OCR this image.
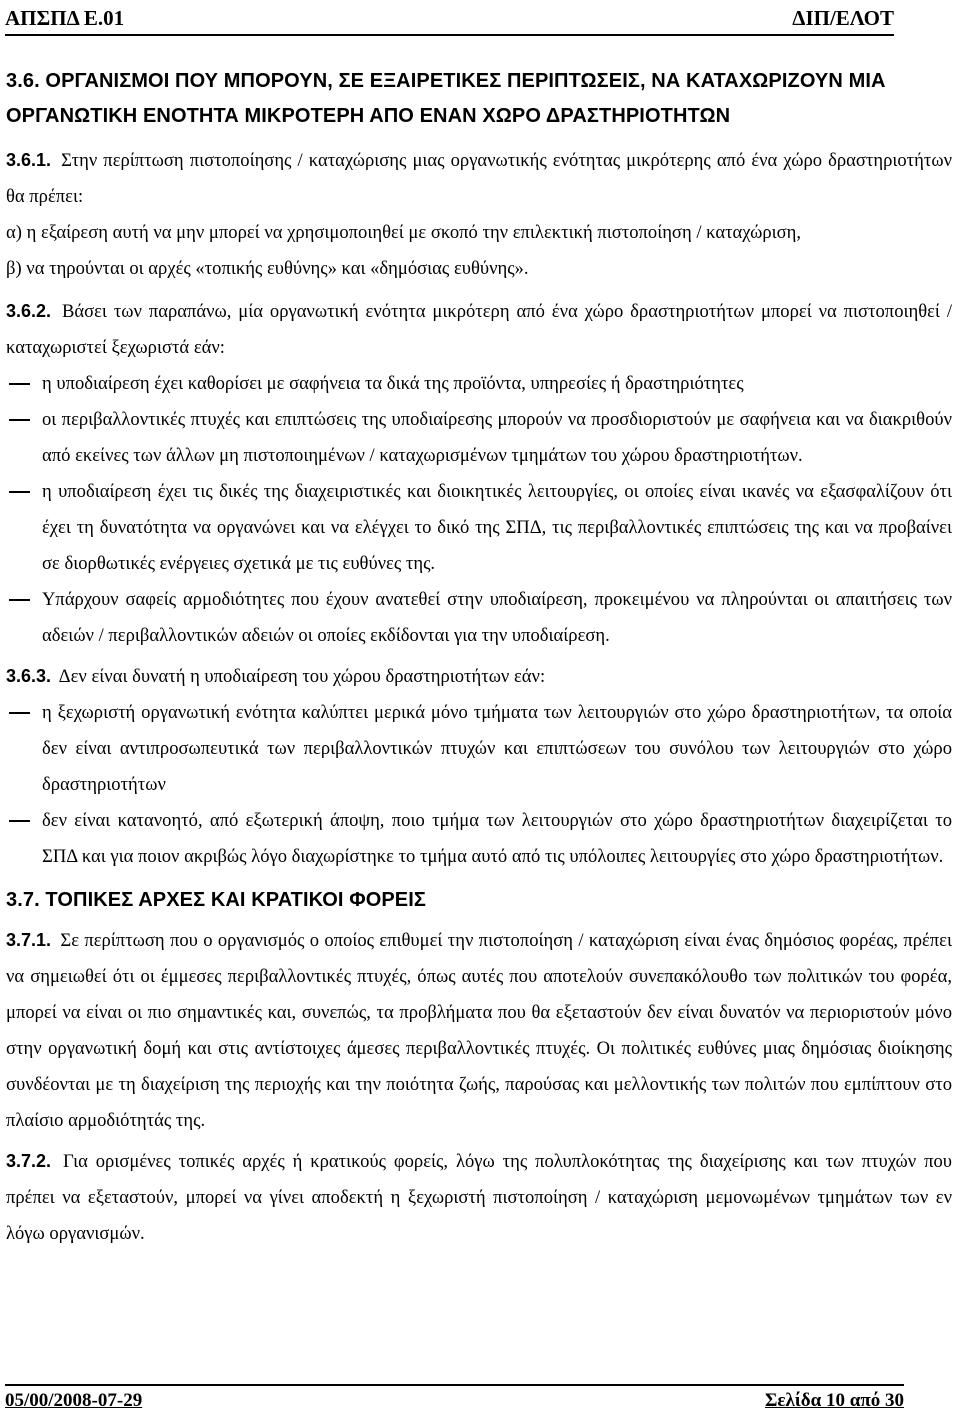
ΑΠΣΠΔ Ε.01	ΔΙΠ/ΕΛΟΤ
3.6. ΟΡΓΑΝΙΣΜΟΙ ΠΟΥ ΜΠΟΡΟΥΝ, ΣΕ ΕΞΑΙΡΕΤΙΚΕΣ ΠΕΡΙΠΤΩΣΕΙΣ, ΝΑ ΚΑΤΑΧΩΡΙΖΟΥΝ ΜΙΑ ΟΡΓΑΝΩΤΙΚΗ ΕΝΟΤΗΤΑ ΜΙΚΡΟΤΕΡΗ ΑΠΟ ΕΝΑΝ ΧΩΡΟ ΔΡΑΣΤΗΡΙΟΤΗΤΩΝ

3.6.1. Στην περίπτωση πιστοποίησης / καταχώρισης μιας οργανωτικής ενότητας μικρότερης από ένα χώρο δραστηριοτήτων θα πρέπει:

α) η εξαίρεση αυτή να μην μπορεί να χρησιμοποιηθεί με σκοπό την επιλεκτική πιστοποίηση / καταχώριση,

β) να τηρούνται οι αρχές «τοπικής ευθύνης» και «δημόσιας ευθύνης».

3.6.2. Βάσει των παραπάνω, μία οργανωτική ενότητα μικρότερη από ένα χώρο δραστηριοτήτων μπορεί να πιστοποιηθεί / καταχωριστεί ξεχωριστά εάν:

η υποδιαίρεση έχει καθορίσει με σαφήνεια τα δικά της προϊόντα, υπηρεσίες ή δραστηριότητες
οι περιβαλλοντικές πτυχές και επιπτώσεις της υποδιαίρεσης μπορούν να προσδιοριστούν με σαφήνεια και να διακριθούν από εκείνες των άλλων μη πιστοποιημένων / καταχωρισμένων τμημάτων του χώρου δραστηριοτήτων.
η υποδιαίρεση έχει τις δικές της διαχειριστικές και διοικητικές λειτουργίες, οι οποίες είναι ικανές να εξασφαλίζουν ότι έχει τη δυνατότητα να οργανώνει και να ελέγχει το δικό της ΣΠΔ, τις περιβαλλοντικές επιπτώσεις της και να προβαίνει σε διορθωτικές ενέργειες σχετικά με τις ευθύνες της.
Υπάρχουν σαφείς αρμοδιότητες που έχουν ανατεθεί στην υποδιαίρεση, προκειμένου να πληρούνται οι απαιτήσεις των αδειών / περιβαλλοντικών αδειών οι οποίες εκδίδονται για την υποδιαίρεση.

3.6.3. Δεν είναι δυνατή η υποδιαίρεση του χώρου δραστηριοτήτων εάν:

η ξεχωριστή οργανωτική ενότητα καλύπτει μερικά μόνο τμήματα των λειτουργιών στο χώρο δραστηριοτήτων, τα οποία δεν είναι αντιπροσωπευτικά των περιβαλλοντικών πτυχών και επιπτώσεων του συνόλου των λειτουργιών στο χώρο δραστηριοτήτων
δεν είναι κατανοητό, από εξωτερική άποψη, ποιο τμήμα των λειτουργιών στο χώρο δραστηριοτήτων διαχειρίζεται το ΣΠΔ και για ποιον ακριβώς λόγο διαχωρίστηκε το τμήμα αυτό από τις υπόλοιπες λειτουργίες στο χώρο δραστηριοτήτων.
3.7. ΤΟΠΙΚΕΣ ΑΡΧΕΣ ΚΑΙ ΚΡΑΤΙΚΟΙ ΦΟΡΕΙΣ

3.7.1. Σε περίπτωση που ο οργανισμός ο οποίος επιθυμεί την πιστοποίηση / καταχώριση είναι ένας δημόσιος φορέας, πρέπει να σημειωθεί ότι οι έμμεσες περιβαλλοντικές πτυχές, όπως αυτές που αποτελούν συνεπακόλουθο των πολιτικών του φορέα, μπορεί να είναι οι πιο σημαντικές και, συνεπώς, τα προβλήματα που θα εξεταστούν δεν είναι δυνατόν να περιοριστούν μόνο στην οργανωτική δομή και στις αντίστοιχες άμεσες περιβαλλοντικές πτυχές. Οι πολιτικές ευθύνες μιας δημόσιας διοίκησης συνδέονται με τη διαχείριση της περιοχής και την ποιότητα ζωής, παρούσας και μελλοντικής των πολιτών που εμπίπτουν στο πλαίσιο αρμοδιότητάς της.

3.7.2. Για ορισμένες τοπικές αρχές ή κρατικούς φορείς, λόγω της πολυπλοκότητας της διαχείρισης και των πτυχών που πρέπει να εξεταστούν, μπορεί να γίνει αποδεκτή η ξεχωριστή πιστοποίηση / καταχώριση μεμονωμένων τμημάτων των εν λόγω οργανισμών.

05/00/2008-07-29	Σελίδα 10 από 30
